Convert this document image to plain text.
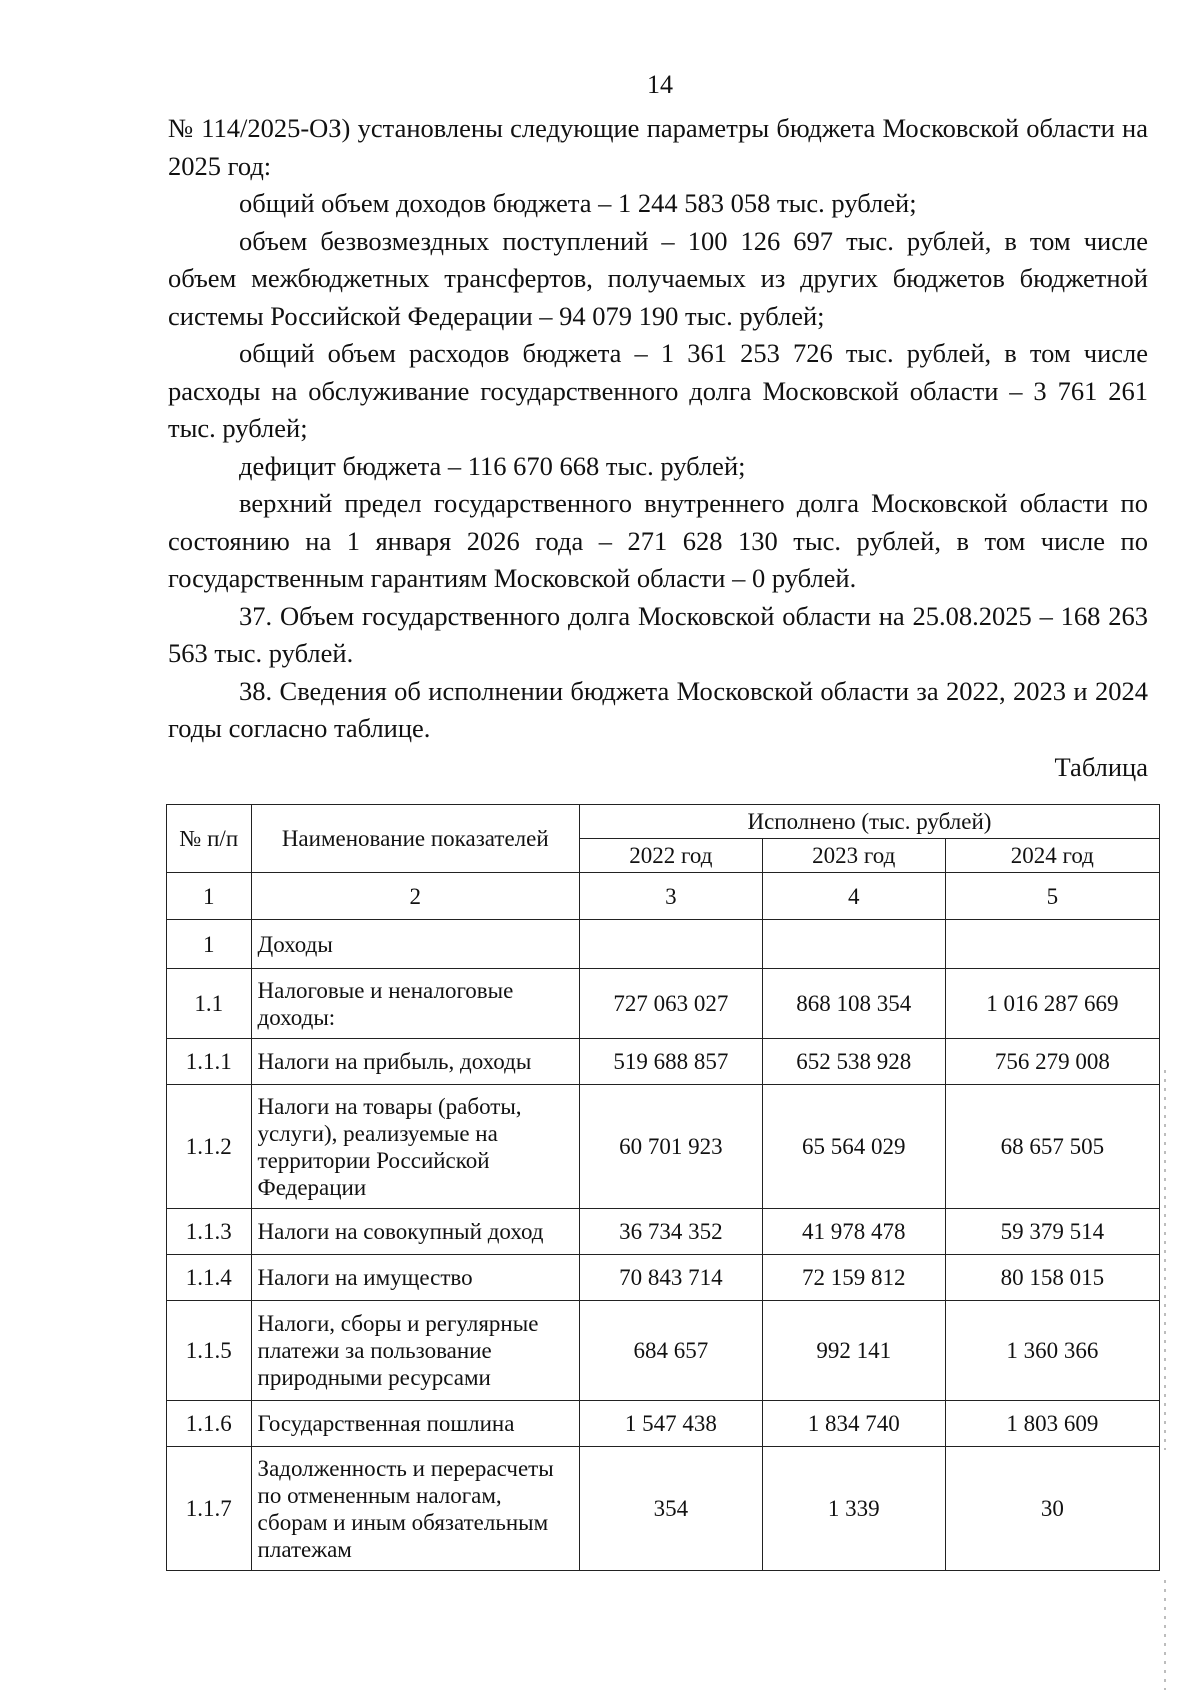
14

№ 114/2025-ОЗ) установлены следующие параметры бюджета Московской области на 2025 год:

общий объем доходов бюджета – 1 244 583 058 тыс. рублей;

объем безвозмездных поступлений – 100 126 697 тыс. рублей, в том числе объем межбюджетных трансфертов, получаемых из других бюджетов бюджетной системы Российской Федерации – 94 079 190 тыс. рублей;

общий объем расходов бюджета – 1 361 253 726 тыс. рублей, в том числе расходы на обслуживание государственного долга Московской области – 3 761 261 тыс. рублей;

дефицит бюджета – 116 670 668 тыс. рублей;

верхний предел государственного внутреннего долга Московской области по состоянию на 1 января 2026 года – 271 628 130 тыс. рублей, в том числе по государственным гарантиям Московской области – 0 рублей.

37. Объем государственного долга Московской области на 25.08.2025 – 168 263 563 тыс. рублей.

38. Сведения об исполнении бюджета Московской области за 2022, 2023 и 2024 годы согласно таблице.

Таблица
№ п/п	Наименование показателей	Исполнено (тыс. рублей)		
		2022 год	2023 год	2024 год
1	2	3	4	5
1	Доходы			
1.1	Налоговые и неналоговые доходы:	727 063 027	868 108 354	1 016 287 669
1.1.1	Налоги на прибыль, доходы	519 688 857	652 538 928	756 279 008
1.1.2	Налоги на товары (работы, услуги), реализуемые на территории Российской Федерации	60 701 923	65 564 029	68 657 505
1.1.3	Налоги на совокупный доход	36 734 352	41 978 478	59 379 514
1.1.4	Налоги на имущество	70 843 714	72 159 812	80 158 015
1.1.5	Налоги, сборы и регулярные платежи за пользование природными ресурсами	684 657	992 141	1 360 366
1.1.6	Государственная пошлина	1 547 438	1 834 740	1 803 609
1.1.7	Задолженность и перерасчеты по отмененным налогам, сборам и иным обязательным платежам	354	1 339	30
